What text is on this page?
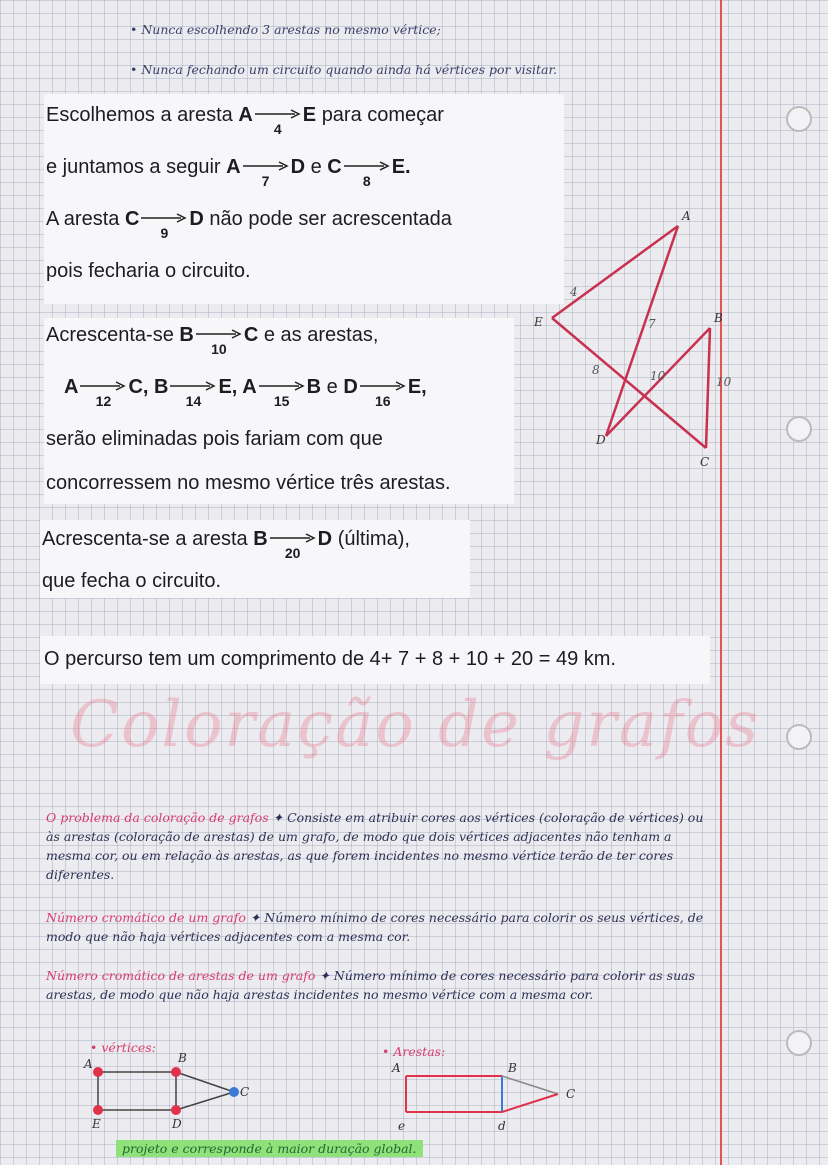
• Nunca escolhendo 3 arestas no mesmo vértice;
• Nunca fechando um circuito quando ainda há vértices por visitar.
Escolhemos a aresta A
4
E para começar
e juntamos a seguir A
7
D e C
8
E.
A aresta C
9
D não pode ser acrescentada
pois fecharia o circuito.
Acrescenta-se B
10
C e as arestas,
A
12
C, B
14
E, A
15
B e D
16
E,
serão eliminadas pois fariam com que
concorressem no mesmo vértice três arestas.
Acrescenta-se a aresta B
20
D (última),
que fecha o circuito.
O percurso tem um comprimento de 4+ 7 + 8 + 10 + 20 = 49 km.
A
E	B
D
C
4
7
8	10	10
Coloração de grafos
O problema da coloração de grafos ✦ Consiste em atribuir cores aos vértices (coloração de vértices) ou às arestas (coloração de arestas) de um grafo, de modo que dois vértices adjacentes não tenham a mesma cor, ou em relação às arestas, as que forem incidentes no mesmo vértice terão de ter cores diferentes.
Número cromático de um grafo ✦ Número mínimo de cores necessário para colorir os seus vértices, de modo que não haja vértices adjacentes com a mesma cor.
Número cromático de arestas de um grafo ✦ Número mínimo de cores necessário para colorir as suas arestas, de modo que não haja arestas incidentes no mesmo vértice com a mesma cor.
• vértices:
A	B
C
E	D
• Arestas:
A	B
C
e	d
projeto e corresponde à maior duração global.
